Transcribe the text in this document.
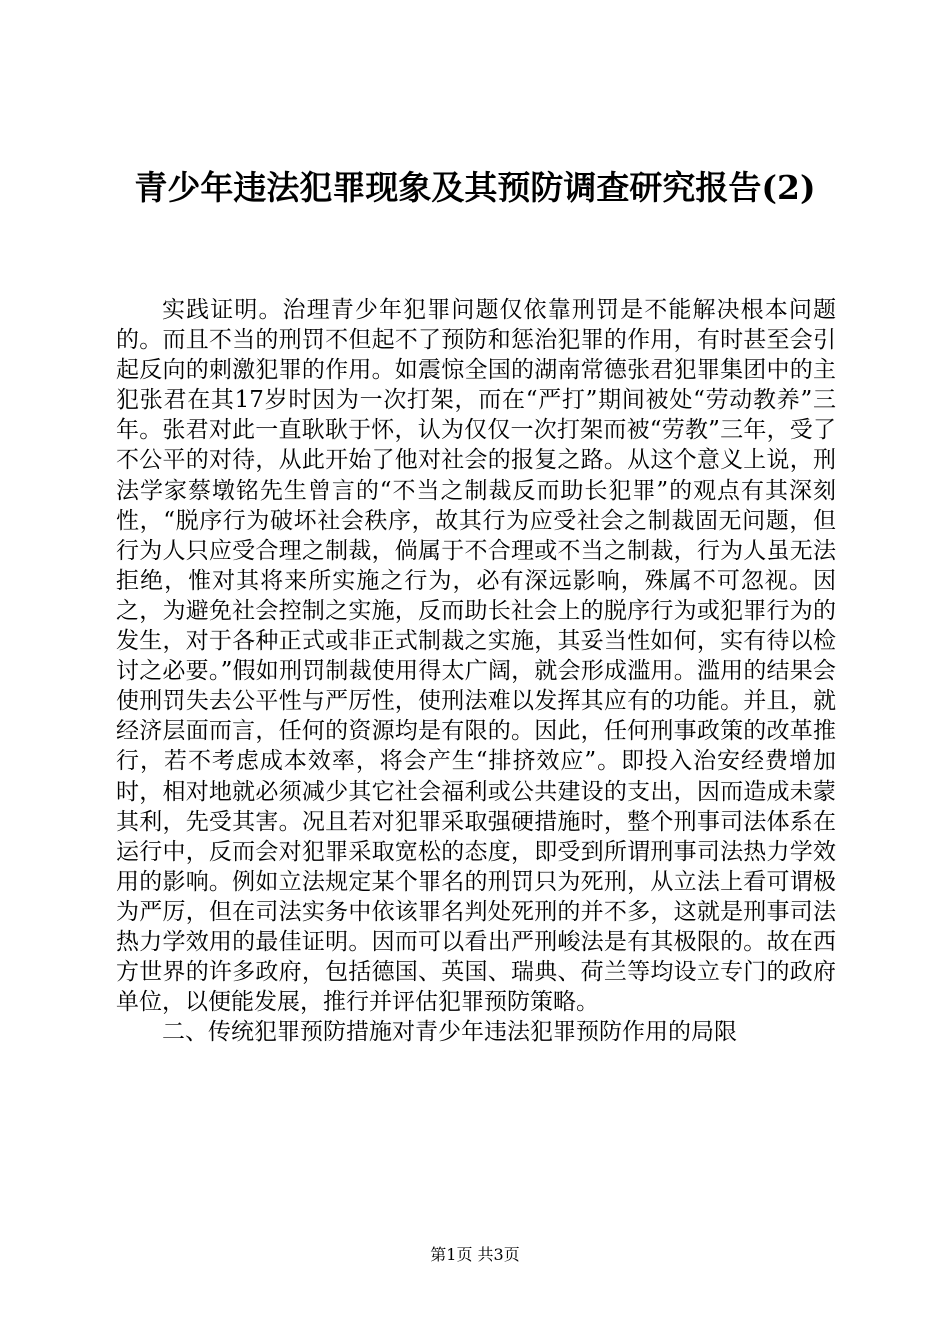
青少年违法犯罪现象及其预防调查研究报告(2)

实践证明。治理青少年犯罪问题仅依靠刑罚是不能解决根本问题的。而且不当的刑罚不但起不了预防和惩治犯罪的作用，有时甚至会引起反向的刺激犯罪的作用。如震惊全国的湖南常德张君犯罪集团中的主犯张君在其17岁时因为一次打架，而在“严打”期间被处“劳动教养”三年。张君对此一直耿耿于怀，认为仅仅一次打架而被“劳教”三年，受了不公平的对待，从此开始了他对社会的报复之路。从这个意义上说，刑法学家蔡墩铭先生曾言的“不当之制裁反而助长犯罪”的观点有其深刻性，“脱序行为破坏社会秩序，故其行为应受社会之制裁固无问题，但行为人只应受合理之制裁，倘属于不合理或不当之制裁，行为人虽无法拒绝，惟对其将来所实施之行为，必有深远影响，殊属不可忽视。因之，为避免社会控制之实施，反而助长社会上的脱序行为或犯罪行为的发生，对于各种正式或非正式制裁之实施，其妥当性如何，实有待以检讨之必要。”假如刑罚制裁使用得太广阔，就会形成滥用。滥用的结果会使刑罚失去公平性与严厉性，使刑法难以发挥其应有的功能。并且，就经济层面而言，任何的资源均是有限的。因此，任何刑事政策的改革推行，若不考虑成本效率，将会产生“排挤效应”。即投入治安经费增加时，相对地就必须减少其它社会福利或公共建设的支出，因而造成未蒙其利，先受其害。况且若对犯罪采取强硬措施时，整个刑事司法体系在运行中，反而会对犯罪采取宽松的态度，即受到所谓刑事司法热力学效用的影响。例如立法规定某个罪名的刑罚只为死刑，从立法上看可谓极为严厉，但在司法实务中依该罪名判处死刑的并不多，这就是刑事司法热力学效用的最佳证明。因而可以看出严刑峻法是有其极限的。故在西方世界的许多政府，包括德国、英国、瑞典、荷兰等均设立专门的政府单位，以便能发展，推行并评估犯罪预防策略。

二、传统犯罪预防措施对青少年违法犯罪预防作用的局限

第1页 共3页
